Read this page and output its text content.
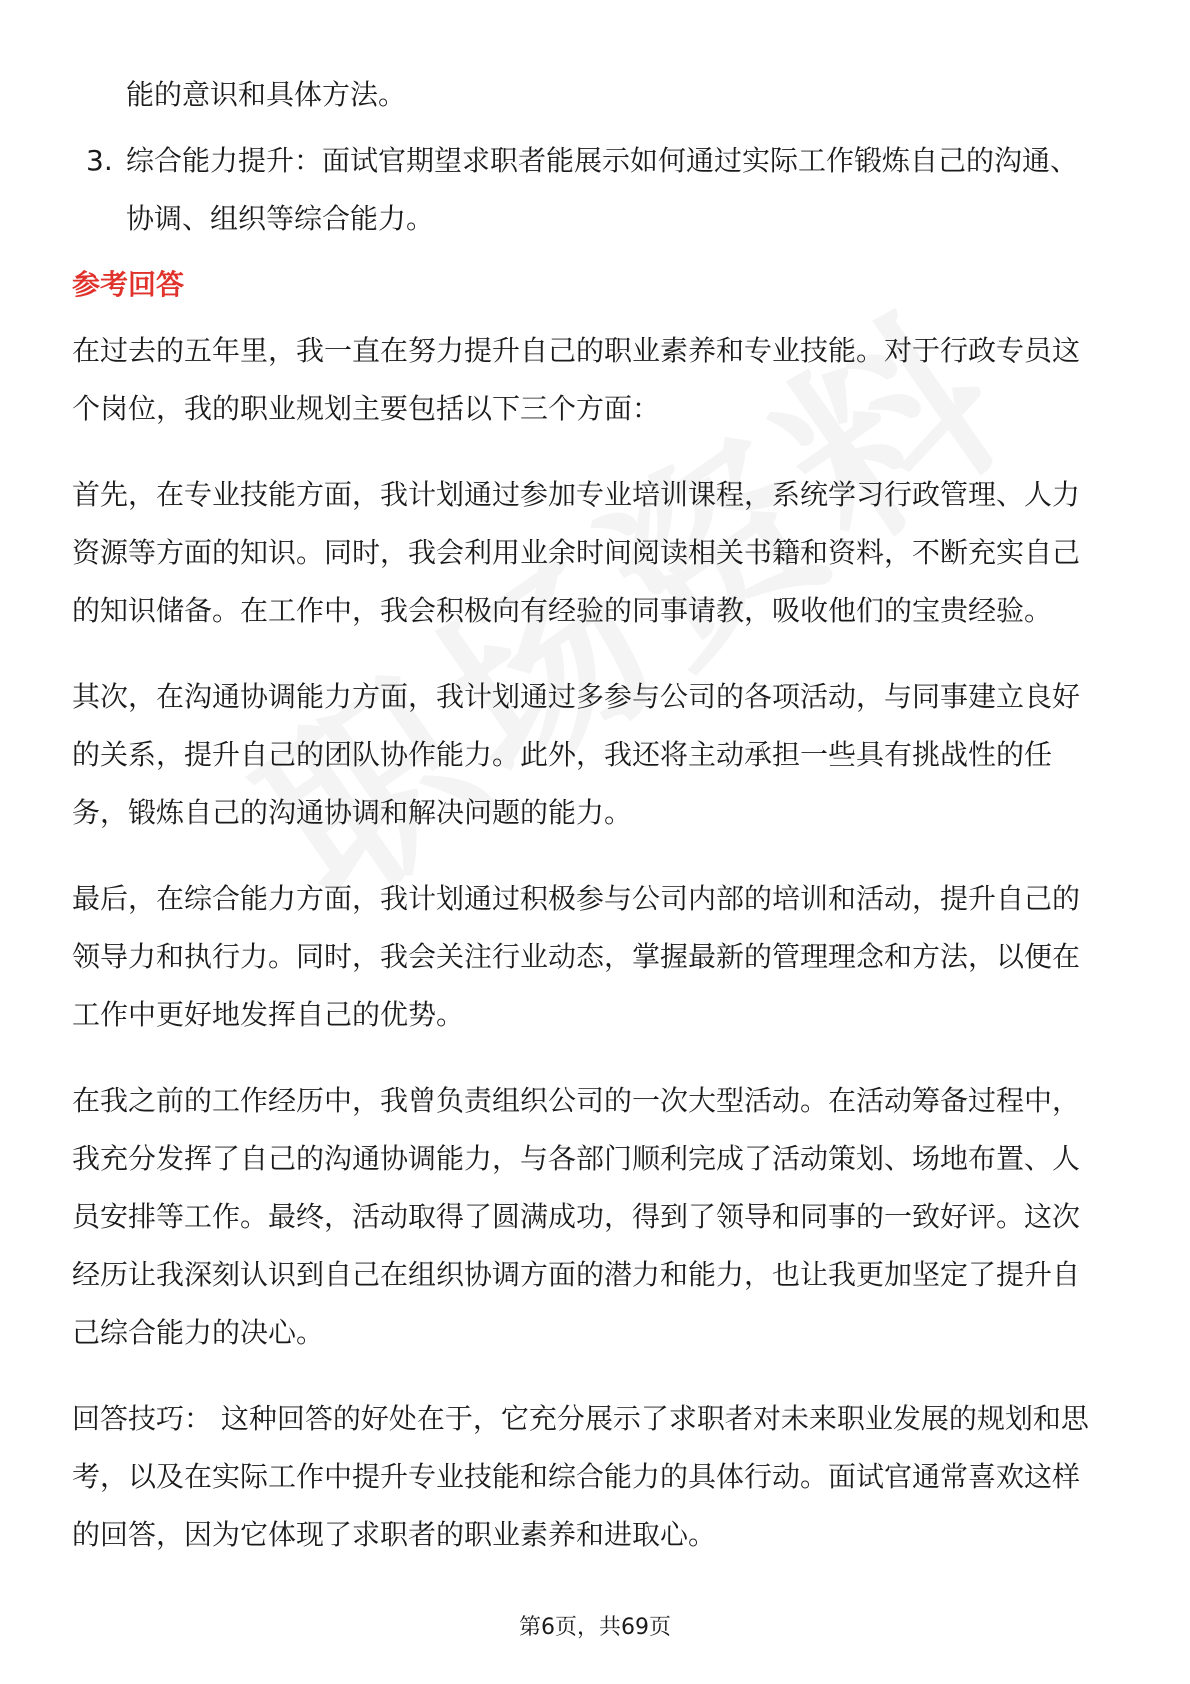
能的意识和具体方法。
3. 综合能力提升：面试官期望求职者能展示如何通过实际工作锻炼自己的沟通、
协调、组织等综合能力。
参考回答
在过去的五年里，我一直在努力提升自己的职业素养和专业技能。对于行政专员这
个岗位，我的职业规划主要包括以下三个方面：
首先，在专业技能方面，我计划通过参加专业培训课程，系统学习行政管理、人力
资源等方面的知识。同时，我会利用业余时间阅读相关书籍和资料，不断充实自己
的知识储备。在工作中，我会积极向有经验的同事请教，吸收他们的宝贵经验。
其次，在沟通协调能力方面，我计划通过多参与公司的各项活动，与同事建立良好
的关系，提升自己的团队协作能力。此外，我还将主动承担一些具有挑战性的任
务，锻炼自己的沟通协调和解决问题的能力。
最后，在综合能力方面，我计划通过积极参与公司内部的培训和活动，提升自己的
领导力和执行力。同时，我会关注行业动态，掌握最新的管理理念和方法，以便在
工作中更好地发挥自己的优势。
在我之前的工作经历中，我曾负责组织公司的一次大型活动。在活动筹备过程中，
我充分发挥了自己的沟通协调能力，与各部门顺利完成了活动策划、场地布置、人
员安排等工作。最终，活动取得了圆满成功，得到了领导和同事的一致好评。这次
经历让我深刻认识到自己在组织协调方面的潜力和能力，也让我更加坚定了提升自
己综合能力的决心。
回答技巧： 这种回答的好处在于，它充分展示了求职者对未来职业发展的规划和思
考，以及在实际工作中提升专业技能和综合能力的具体行动。面试官通常喜欢这样
的回答，因为它体现了求职者的职业素养和进取心。
第6页，共69页
